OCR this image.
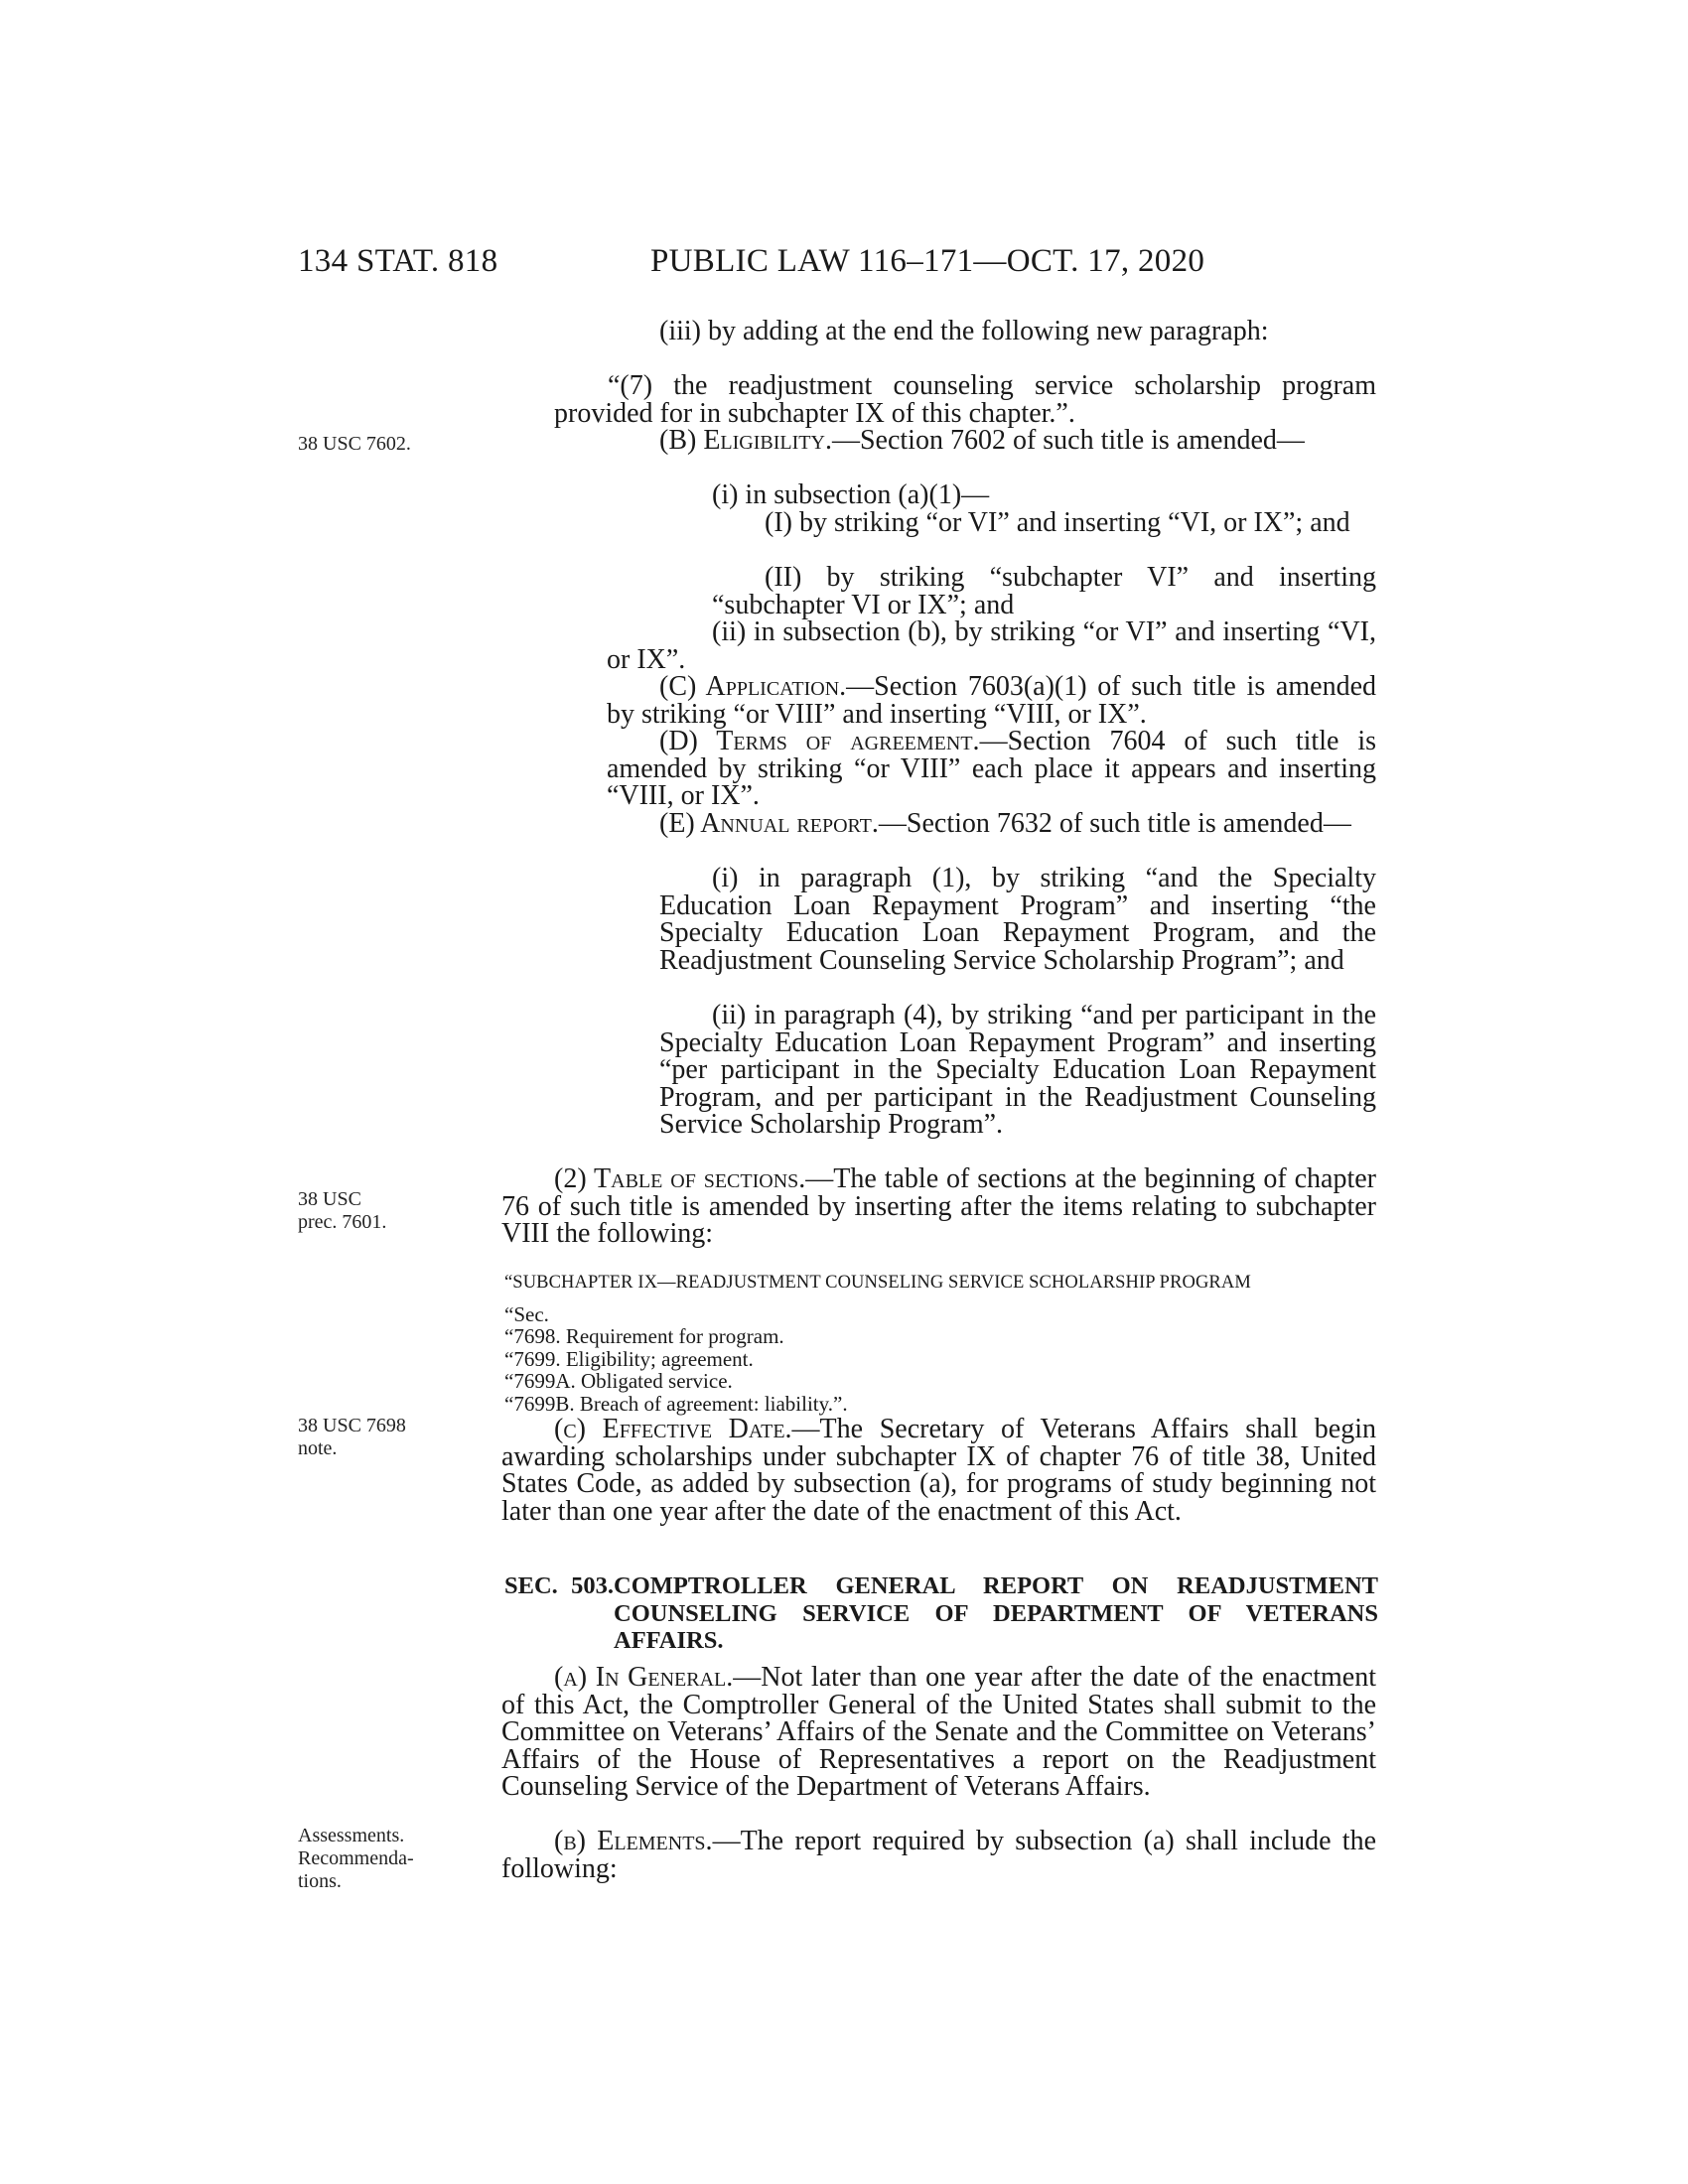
134 STAT. 818	PUBLIC LAW 116–171—OCT. 17, 2020
38 USC 7602.
38 USC
prec. 7601.
38 USC 7698
note.
Assessments.
Recommenda-
tions.
(iii) by adding at the end the following new paragraph:
“(7) the readjustment counseling service scholarship program provided for in subchapter IX of this chapter.”.
(B) Eligibility.—Section 7602 of such title is amended—
(i) in subsection (a)(1)—
(I) by striking “or VI” and inserting “VI, or IX”; and
(II) by striking “subchapter VI” and inserting “subchapter VI or IX”; and
(ii) in subsection (b), by striking “or VI” and inserting “VI, or IX”.
(C) Application.—Section 7603(a)(1) of such title is amended by striking “or VIII” and inserting “VIII, or IX”.
(D) Terms of agreement.—Section 7604 of such title is amended by striking “or VIII” each place it appears and inserting “VIII, or IX”.
(E) Annual report.—Section 7632 of such title is amended—
(i) in paragraph (1), by striking “and the Specialty Education Loan Repayment Program” and inserting “the Specialty Education Loan Repayment Program, and the Readjustment Counseling Service Scholarship Program”; and
(ii) in paragraph (4), by striking “and per participant in the Specialty Education Loan Repayment Program” and inserting “per participant in the Specialty Education Loan Repayment Program, and per participant in the Readjustment Counseling Service Scholarship Program”.
(2) Table of sections.—The table of sections at the beginning of chapter 76 of such title is amended by inserting after the items relating to subchapter VIII the following:
“SUBCHAPTER IX—READJUSTMENT COUNSELING SERVICE SCHOLARSHIP PROGRAM
“Sec.
“7698. Requirement for program.
“7699. Eligibility; agreement.
“7699A. Obligated service.
“7699B. Breach of agreement: liability.”.
(c) Effective Date.—The Secretary of Veterans Affairs shall begin awarding scholarships under subchapter IX of chapter 76 of title 38, United States Code, as added by subsection (a), for programs of study beginning not later than one year after the date of the enactment of this Act.
SEC. 503.COMPTROLLER GENERAL REPORT ON READJUSTMENT
COUNSELING SERVICE OF DEPARTMENT OF VETERANS
AFFAIRS.
(a) In General.—Not later than one year after the date of the enactment of this Act, the Comptroller General of the United States shall submit to the Committee on Veterans’ Affairs of the Senate and the Committee on Veterans’ Affairs of the House of Representatives a report on the Readjustment Counseling Service of the Department of Veterans Affairs.
(b) Elements.—The report required by subsection (a) shall include the following:
